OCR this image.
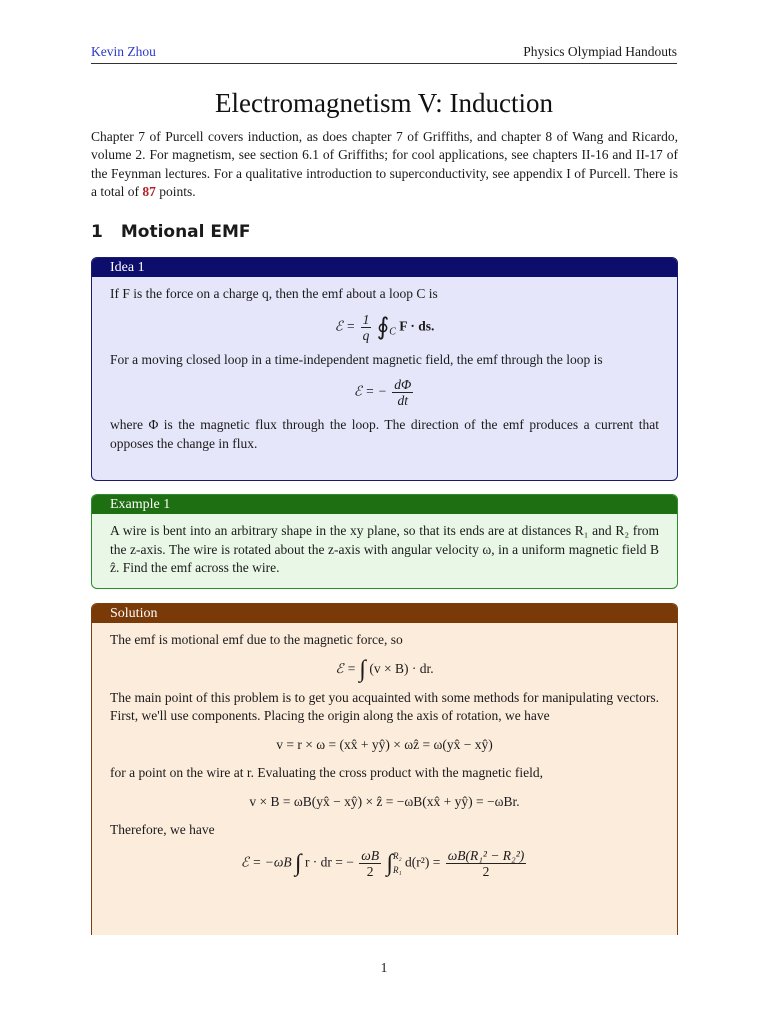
Kevin Zhou	Physics Olympiad Handouts
Electromagnetism V: Induction
Chapter 7 of Purcell covers induction, as does chapter 7 of Griffiths, and chapter 8 of Wang and Ricardo, volume 2. For magnetism, see section 6.1 of Griffiths; for cool applications, see chapters II-16 and II-17 of the Feynman lectures. For a qualitative introduction to superconductivity, see appendix I of Purcell. There is a total of 87 points.
1 Motional EMF
Idea 1
If F is the force on a charge q, then the emf about a loop C is
ℰ = $\frac{1}{q}$ $∮_C$ F · ds.
For a moving closed loop in a time-independent magnetic field, the emf through the loop is
ℰ = − $\frac{d\Phi}{dt}$
where Φ is the magnetic flux through the loop. The direction of the emf produces a current that opposes the change in flux.
Example 1
A wire is bent into an arbitrary shape in the xy plane, so that its ends are at distances R₁ and R₂ from the z-axis. The wire is rotated about the z-axis with angular velocity ω, in a uniform magnetic field B ẑ. Find the emf across the wire.
Solution
The emf is motional emf due to the magnetic force, so
ℰ = ∫ (v × B) · dr.
The main point of this problem is to get you acquainted with some methods for manipulating vectors. First, we'll use components. Placing the origin along the axis of rotation, we have
v = r × ω = (xx̂ + yŷ) × ωẑ = ω(yx̂ − xŷ)
for a point on the wire at r. Evaluating the cross product with the magnetic field,
v × B = ωB(yx̂ − xŷ) × ẑ = −ωB(xx̂ + yŷ) = −ωBr.
Therefore, we have
ℰ = −ωB ∫ r · dr = − $\frac{\omega B}{2}$ ∫ R₂
R₁
$d(r^2) = \frac{\text{ωB(R₁² − R₂²)}}{2}$
1
